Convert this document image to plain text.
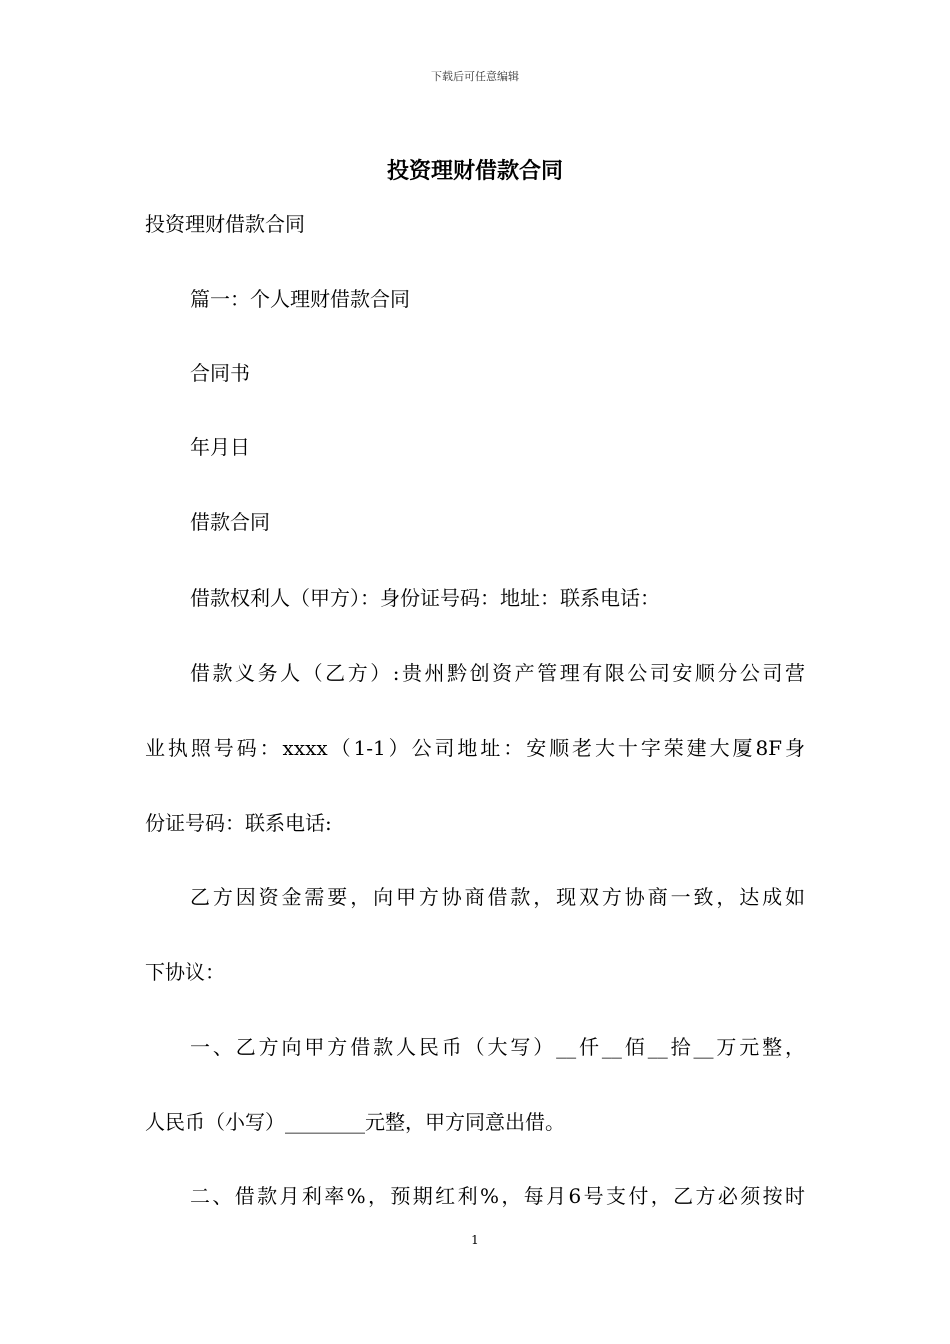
下载后可任意编辑
投资理财借款合同
投资理财借款合同
篇一：个人理财借款合同
合同书
年月日
借款合同
借款权利人（甲方）：身份证号码：地址：联系电话：
借款义务人（乙方）:贵州黔创资产管理有限公司安顺分公司营
业执照号码：xxxx（1-1）公司地址：安顺老大十字荣建大厦8F身
份证号码：联系电话:
乙方因资金需要，向甲方协商借款，现双方协商一致，达成如
下协议：
一、乙方向甲方借款人民币（大写）__仟__佰__拾__万元整，
人民币（小写）________元整，甲方同意出借。
二、借款月利率%，预期红利%，每月6号支付，乙方必须按时
1
